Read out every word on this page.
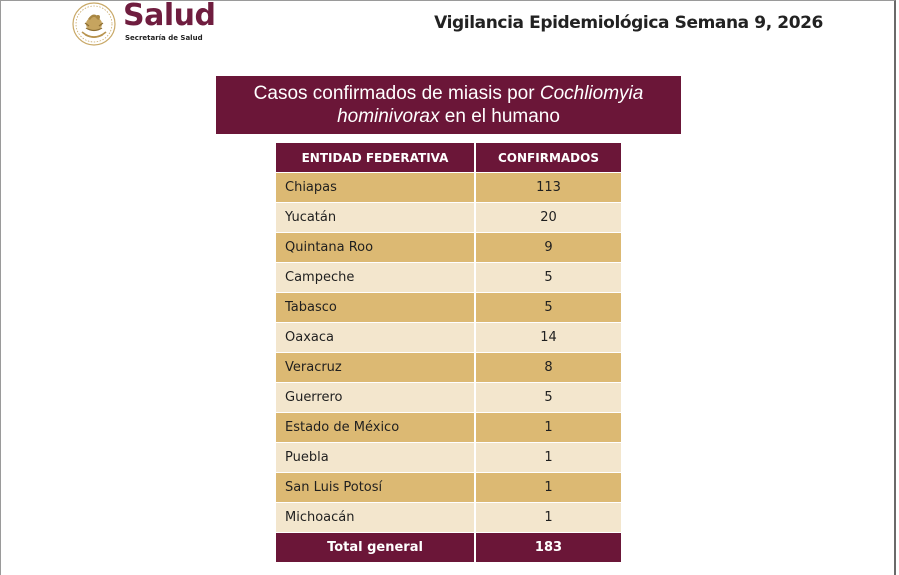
Salud
Secretaría de Salud
Vigilancia Epidemiológica Semana 9, 2026
Casos confirmados de miasis por Cochliomyia
hominivorax en el humano
ENTIDAD FEDERATIVA	CONFIRMADOS
Chiapas	113
Yucatán	20
Quintana Roo	9
Campeche	5
Tabasco	5
Oaxaca	14
Veracruz	8
Guerrero	5
Estado de México	1
Puebla	1
San Luis Potosí	1
Michoacán	1
Total general	183
